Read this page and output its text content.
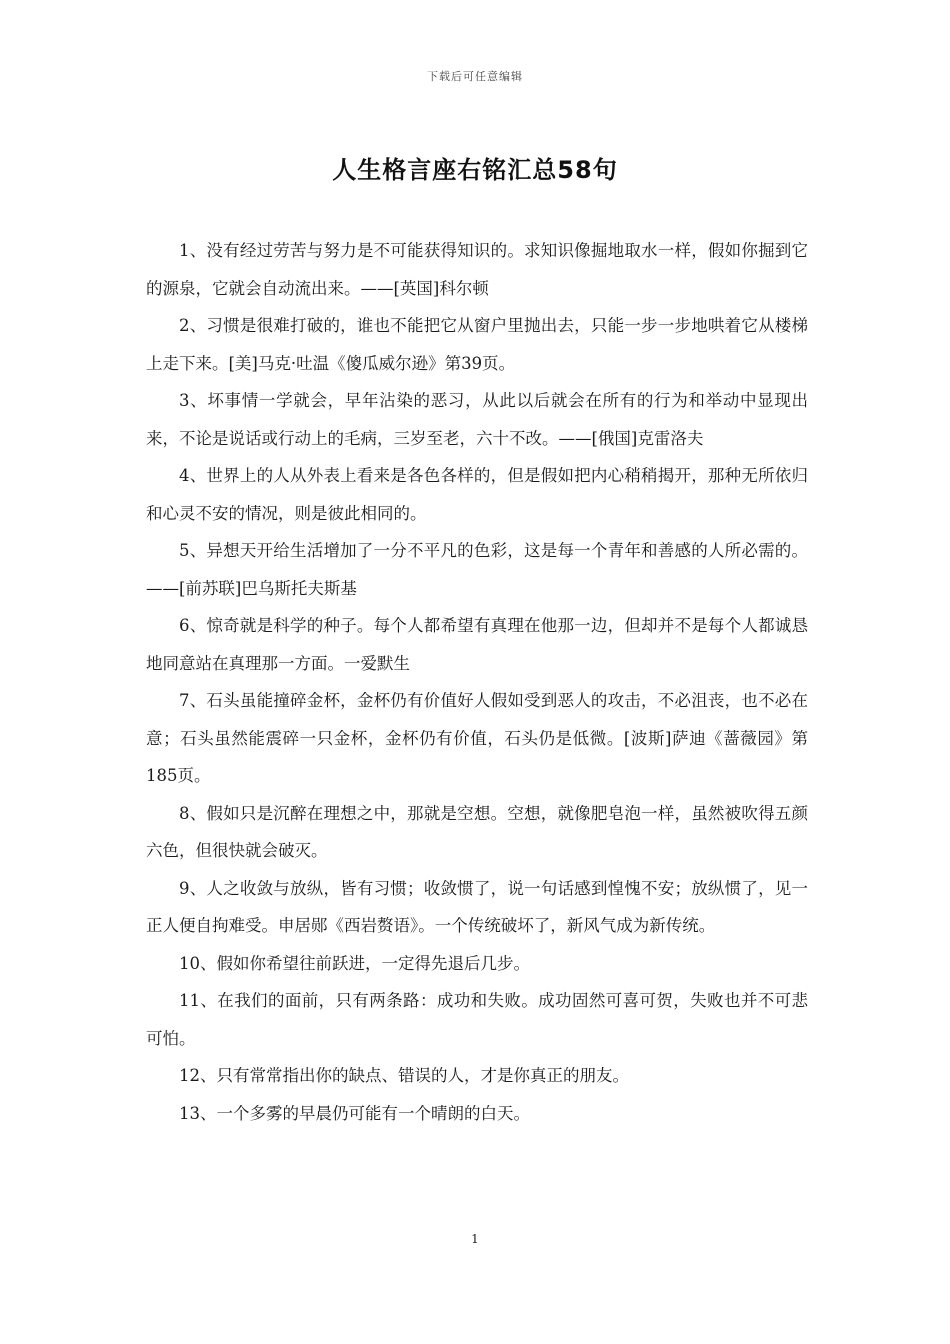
下载后可任意编辑
人生格言座右铭汇总58句

1、没有经过劳苦与努力是不可能获得知识的。求知识像掘地取水一样，假如你掘到它的源泉，它就会自动流出来。——[英国]科尔顿

2、习惯是很难打破的，谁也不能把它从窗户里抛出去，只能一步一步地哄着它从楼梯上走下来。[美]马克·吐温《傻瓜威尔逊》第39页。

3、坏事情一学就会，早年沾染的恶习，从此以后就会在所有的行为和举动中显现出来，不论是说话或行动上的毛病，三岁至老，六十不改。——[俄国]克雷洛夫

4、世界上的人从外表上看来是各色各样的，但是假如把内心稍稍揭开，那种无所依归和心灵不安的情况，则是彼此相同的。

5、异想天开给生活增加了一分不平凡的色彩，这是每一个青年和善感的人所必需的。——[前苏联]巴乌斯托夫斯基

6、惊奇就是科学的种子。每个人都希望有真理在他那一边，但却并不是每个人都诚恳地同意站在真理那一方面。一爱默生

7、石头虽能撞碎金杯，金杯仍有价值好人假如受到恶人的攻击，不必沮丧，也不必在意；石头虽然能震碎一只金杯，金杯仍有价值，石头仍是低微。[波斯]萨迪《蔷薇园》第185页。

8、假如只是沉醉在理想之中，那就是空想。空想，就像肥皂泡一样，虽然被吹得五颜六色，但很快就会破灭。

9、人之收敛与放纵，皆有习惯；收敛惯了，说一句话感到惶愧不安；放纵惯了，见一正人便自拘难受。申居郧《西岩赘语》。一个传统破坏了，新风气成为新传统。

10、假如你希望往前跃进，一定得先退后几步。

11、在我们的面前，只有两条路：成功和失败。成功固然可喜可贺，失败也并不可悲可怕。

12、只有常常指出你的缺点、错误的人，才是你真正的朋友。

13、一个多雾的早晨仍可能有一个晴朗的白天。

1
